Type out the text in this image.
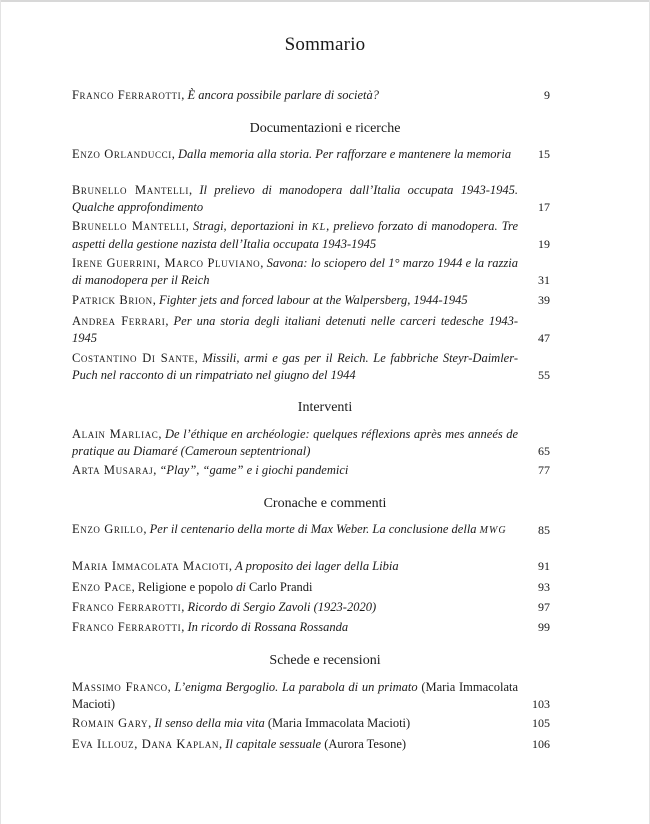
Sommario
Franco Ferrarotti, È ancora possibile parlare di società?	9
Documentazioni e ricerche
Enzo Orlanducci, Dalla memoria alla storia. Per rafforzare e mantenere la memoria	15
Brunello Mantelli, Il prelievo di manodopera dall’Italia occupata 1943-1945. Qualche approfondimento	17
Brunello Mantelli, Stragi, deportazioni in KL, prelievo forzato di manodopera. Tre aspetti della gestione nazista dell’Italia occupata 1943-1945	19
Irene Guerrini, Marco Pluviano, Savona: lo sciopero del 1° marzo 1944 e la razzia di manodopera per il Reich	31
Patrick Brion, Fighter jets and forced labour at the Walpersberg, 1944-1945	39
Andrea Ferrari, Per una storia degli italiani detenuti nelle carceri tedesche 1943-1945	47
Costantino Di Sante, Missili, armi e gas per il Reich. Le fabbriche Steyr-Daimler-Puch nel racconto di un rimpatriato nel giugno del 1944	55
Interventi
Alain Marliac, De l’éthique en archéologie: quelques réflexions après mes anneés de pratique au Diamaré (Cameroun septentrional)	65
Arta Musaraj, “Play”, “game” e i giochi pandemici	77
Cronache e commenti
Enzo Grillo, Per il centenario della morte di Max Weber. La conclusione della MWG	85
Maria Immacolata Macioti, A proposito dei lager della Libia	91
Enzo Pace, Religione e popolo di Carlo Prandi	93
Franco Ferrarotti, Ricordo di Sergio Zavoli (1923-2020)	97
Franco Ferrarotti, In ricordo di Rossana Rossanda	99
Schede e recensioni
Massimo Franco, L’enigma Bergoglio. La parabola di un primato (Maria Immacolata Macioti)	103
Romain Gary, Il senso della mia vita (Maria Immacolata Macioti)	105
Eva Illouz, Dana Kaplan, Il capitale sessuale (Aurora Tesone)	106
